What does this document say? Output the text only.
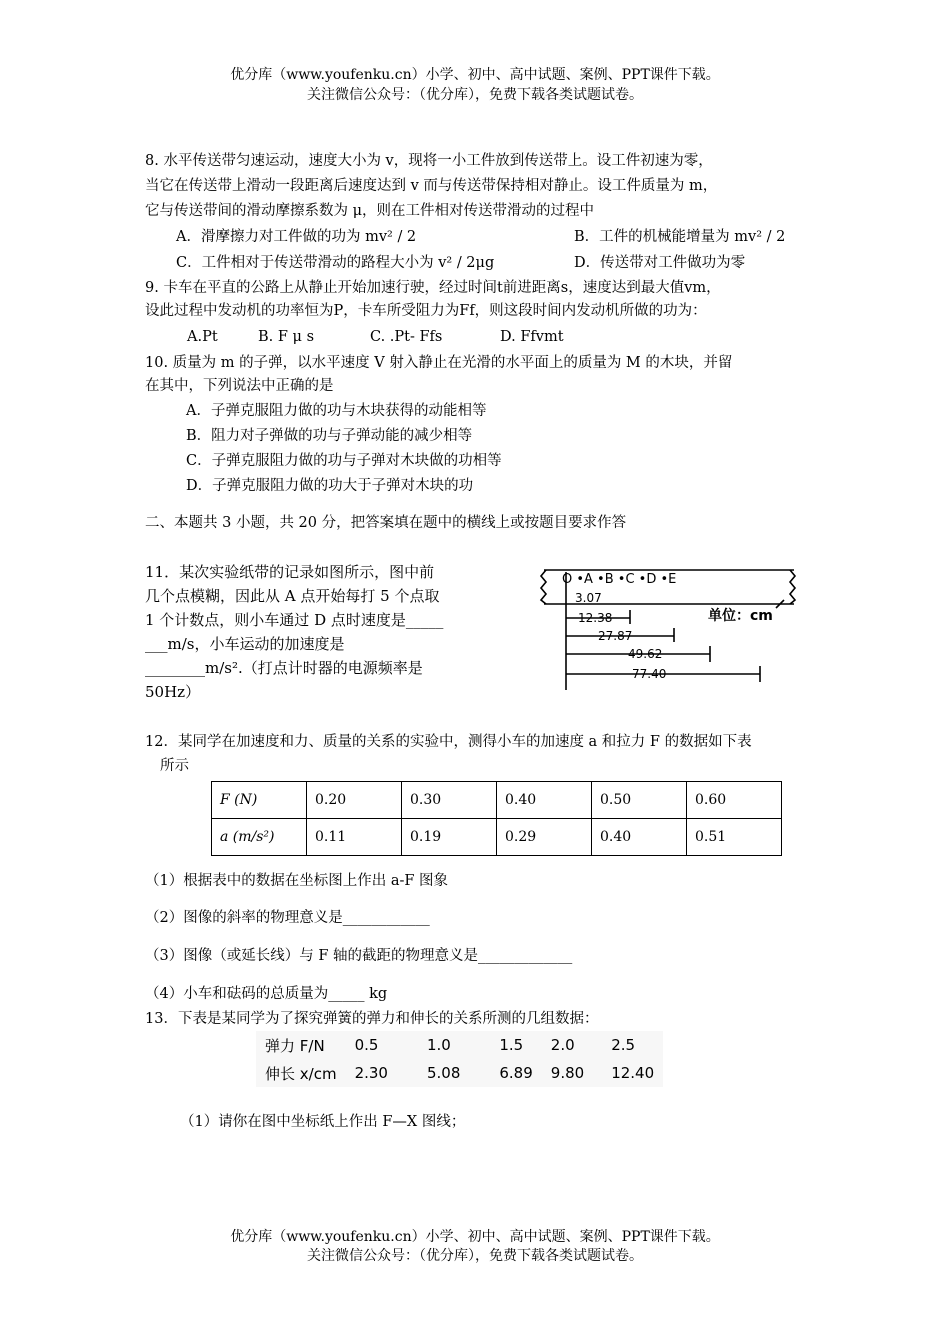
优分库（www.youfenku.cn）小学、初中、高中试题、案例、PPT课件下载。
关注微信公众号：（优分库），免费下载各类试题试卷。
8. 水平传送带匀速运动，速度大小为 v，现将一小工件放到传送带上。设工件初速为零，
当它在传送带上滑动一段距离后速度达到 v 而与传送带保持相对静止。设工件质量为 m，
它与传送带间的滑动摩擦系数为 μ，则在工件相对传送带滑动的过程中
A．滑摩擦力对工件做的功为 mv² / 2	B．工件的机械能增量为 mv² / 2
C．工件相对于传送带滑动的路程大小为 v² / 2μg	D．传送带对工件做功为零
9. 卡车在平直的公路上从静止开始加速行驶，经过时间t前进距离s，速度达到最大值vm，
设此过程中发动机的功率恒为P，卡车所受阻力为Ff，则这段时间内发动机所做的功为：
A.Pt	B. F μ s	C. .Pt- Ffs	D. Ffvmt
10. 质量为 m 的子弹，以水平速度 V 射入静止在光滑的水平面上的质量为 M 的木块，并留
在其中，下列说法中正确的是
A．子弹克服阻力做的功与木块获得的动能相等
B．阻力对子弹做的功与子弹动能的减少相等
C．子弹克服阻力做的功与子弹对木块做的功相等
D．子弹克服阻力做的功大于子弹对木块的功
二、本题共 3 小题，共 20 分，把答案填在题中的横线上或按题目要求作答
11．某次实验纸带的记录如图所示，图中前
几个点模糊，因此从 A 点开始每打 5 个点取
1 个计数点，则小车通过 D 点时速度是_____
___m/s，小车运动的加速度是
________m/s².（打点计时器的电源频率是
50Hz）
O •A •B •C •D •E
3.07
12.38	单位：cm
27.87
49.62
77.40
12．某同学在加速度和力、质量的关系的实验中，测得小车的加速度 a 和拉力 F 的数据如下表
所示
F (N)	0.20	0.30	0.40	0.50	0.60
a (m/s²)	0.11	0.19	0.29	0.40	0.51
（1）根据表中的数据在坐标图上作出 a-F 图象
（2）图像的斜率的物理意义是____________
（3）图像（或延长线）与 F 轴的截距的物理意义是_____________
（4）小车和砝码的总质量为_____ kg
13．下表是某同学为了探究弹簧的弹力和伸长的关系所测的几组数据：
弹力 F/N	0.5	1.0	1.5	2.0	2.5
伸长 x/cm	2.30	5.08	6.89	9.80	12.40
（1）请你在图中坐标纸上作出 F—X 图线；
优分库（www.youfenku.cn）小学、初中、高中试题、案例、PPT课件下载。
关注微信公众号：（优分库），免费下载各类试题试卷。
